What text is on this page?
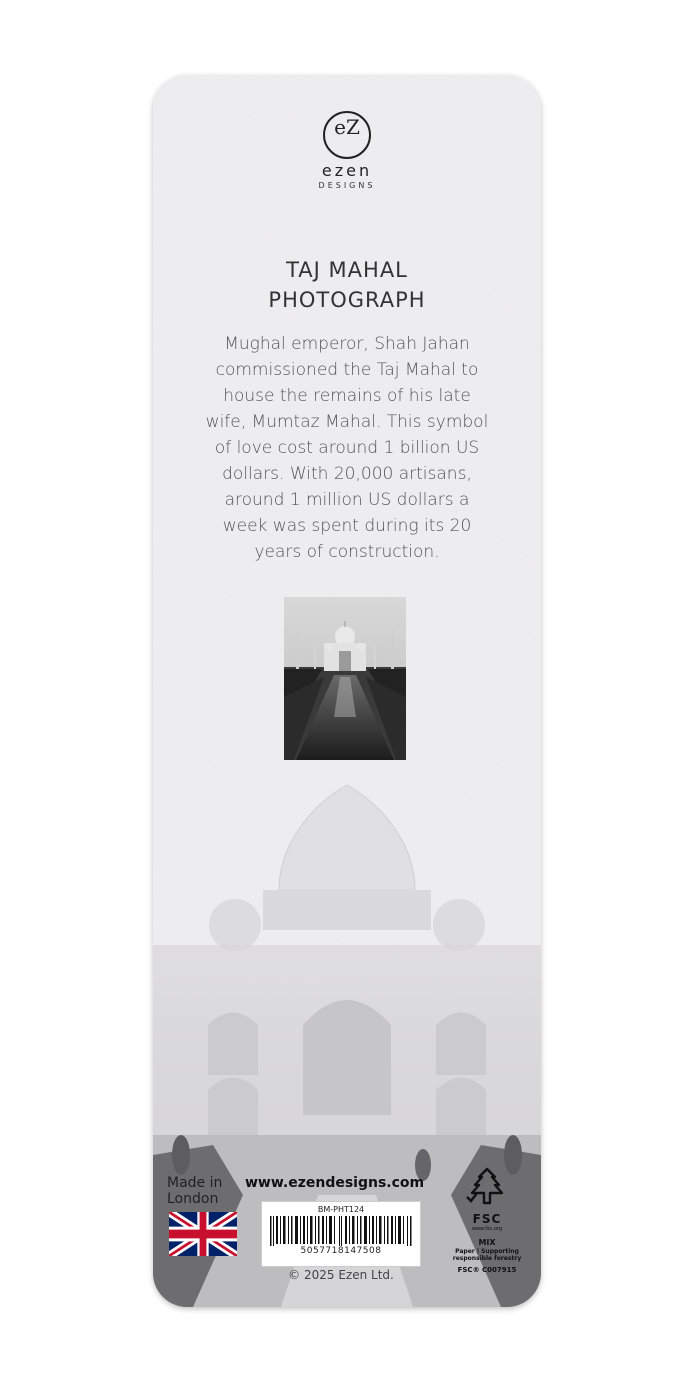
eZ
ezen
DESIGNS
TAJ MAHAL
PHOTOGRAPH
Mughal emperor, Shah Jahan
commissioned the Taj Mahal to
house the remains of his late
wife, Mumtaz Mahal. This symbol
of love cost around 1 billion US
dollars. With 20,000 artisans,
around 1 million US dollars a
week was spent during its 20
years of construction.
Made in
London
www.ezendesigns.com
BM-PHT124
5057718147508
© 2025 Ezen Ltd.
FSC
www.fsc.org
MIX
Paper | Supporting
responsible forestry
FSC® C007915
